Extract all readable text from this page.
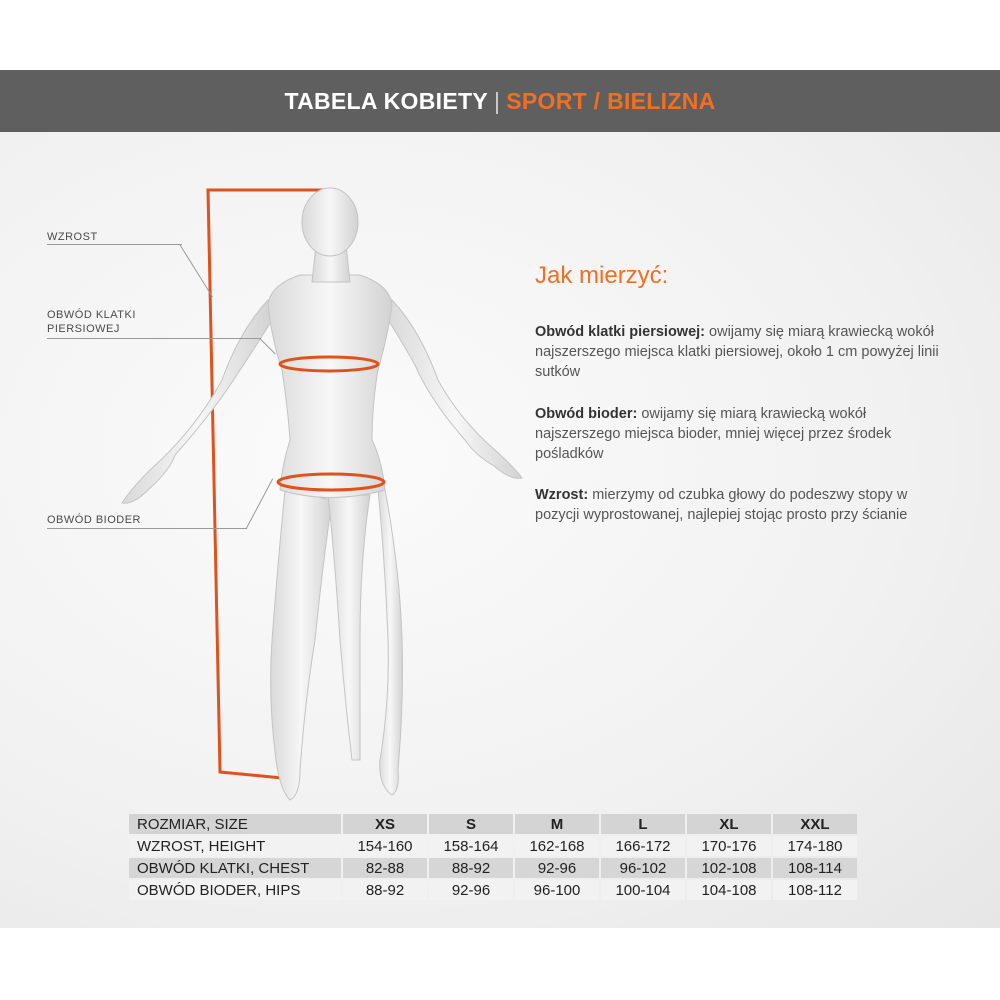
TABELA KOBIETY | SPORT / BIELIZNA
WZROST
OBWÓD KLATKI
PIERSIOWEJ
OBWÓD BIODER
Jak mierzyć:
Obwód klatki piersiowej: owijamy się miarą krawiecką wokół najszerszego miejsca klatki piersiowej, około 1 cm powyżej linii sutków
Obwód bioder: owijamy się miarą krawiecką wokół najszerszego miejsca bioder, mniej więcej przez środek pośladków
Wzrost: mierzymy od czubka głowy do podeszwy stopy w pozycji wyprostowanej, najlepiej stojąc prosto przy ścianie
ROZMIAR, SIZE	XS	S	M	L	XL	XXL
WZROST, HEIGHT	154-160	158-164	162-168	166-172	170-176	174-180
OBWÓD KLATKI, CHEST	82-88	88-92	92-96	96-102	102-108	108-114
OBWÓD BIODER, HIPS	88-92	92-96	96-100	100-104	104-108	108-112
